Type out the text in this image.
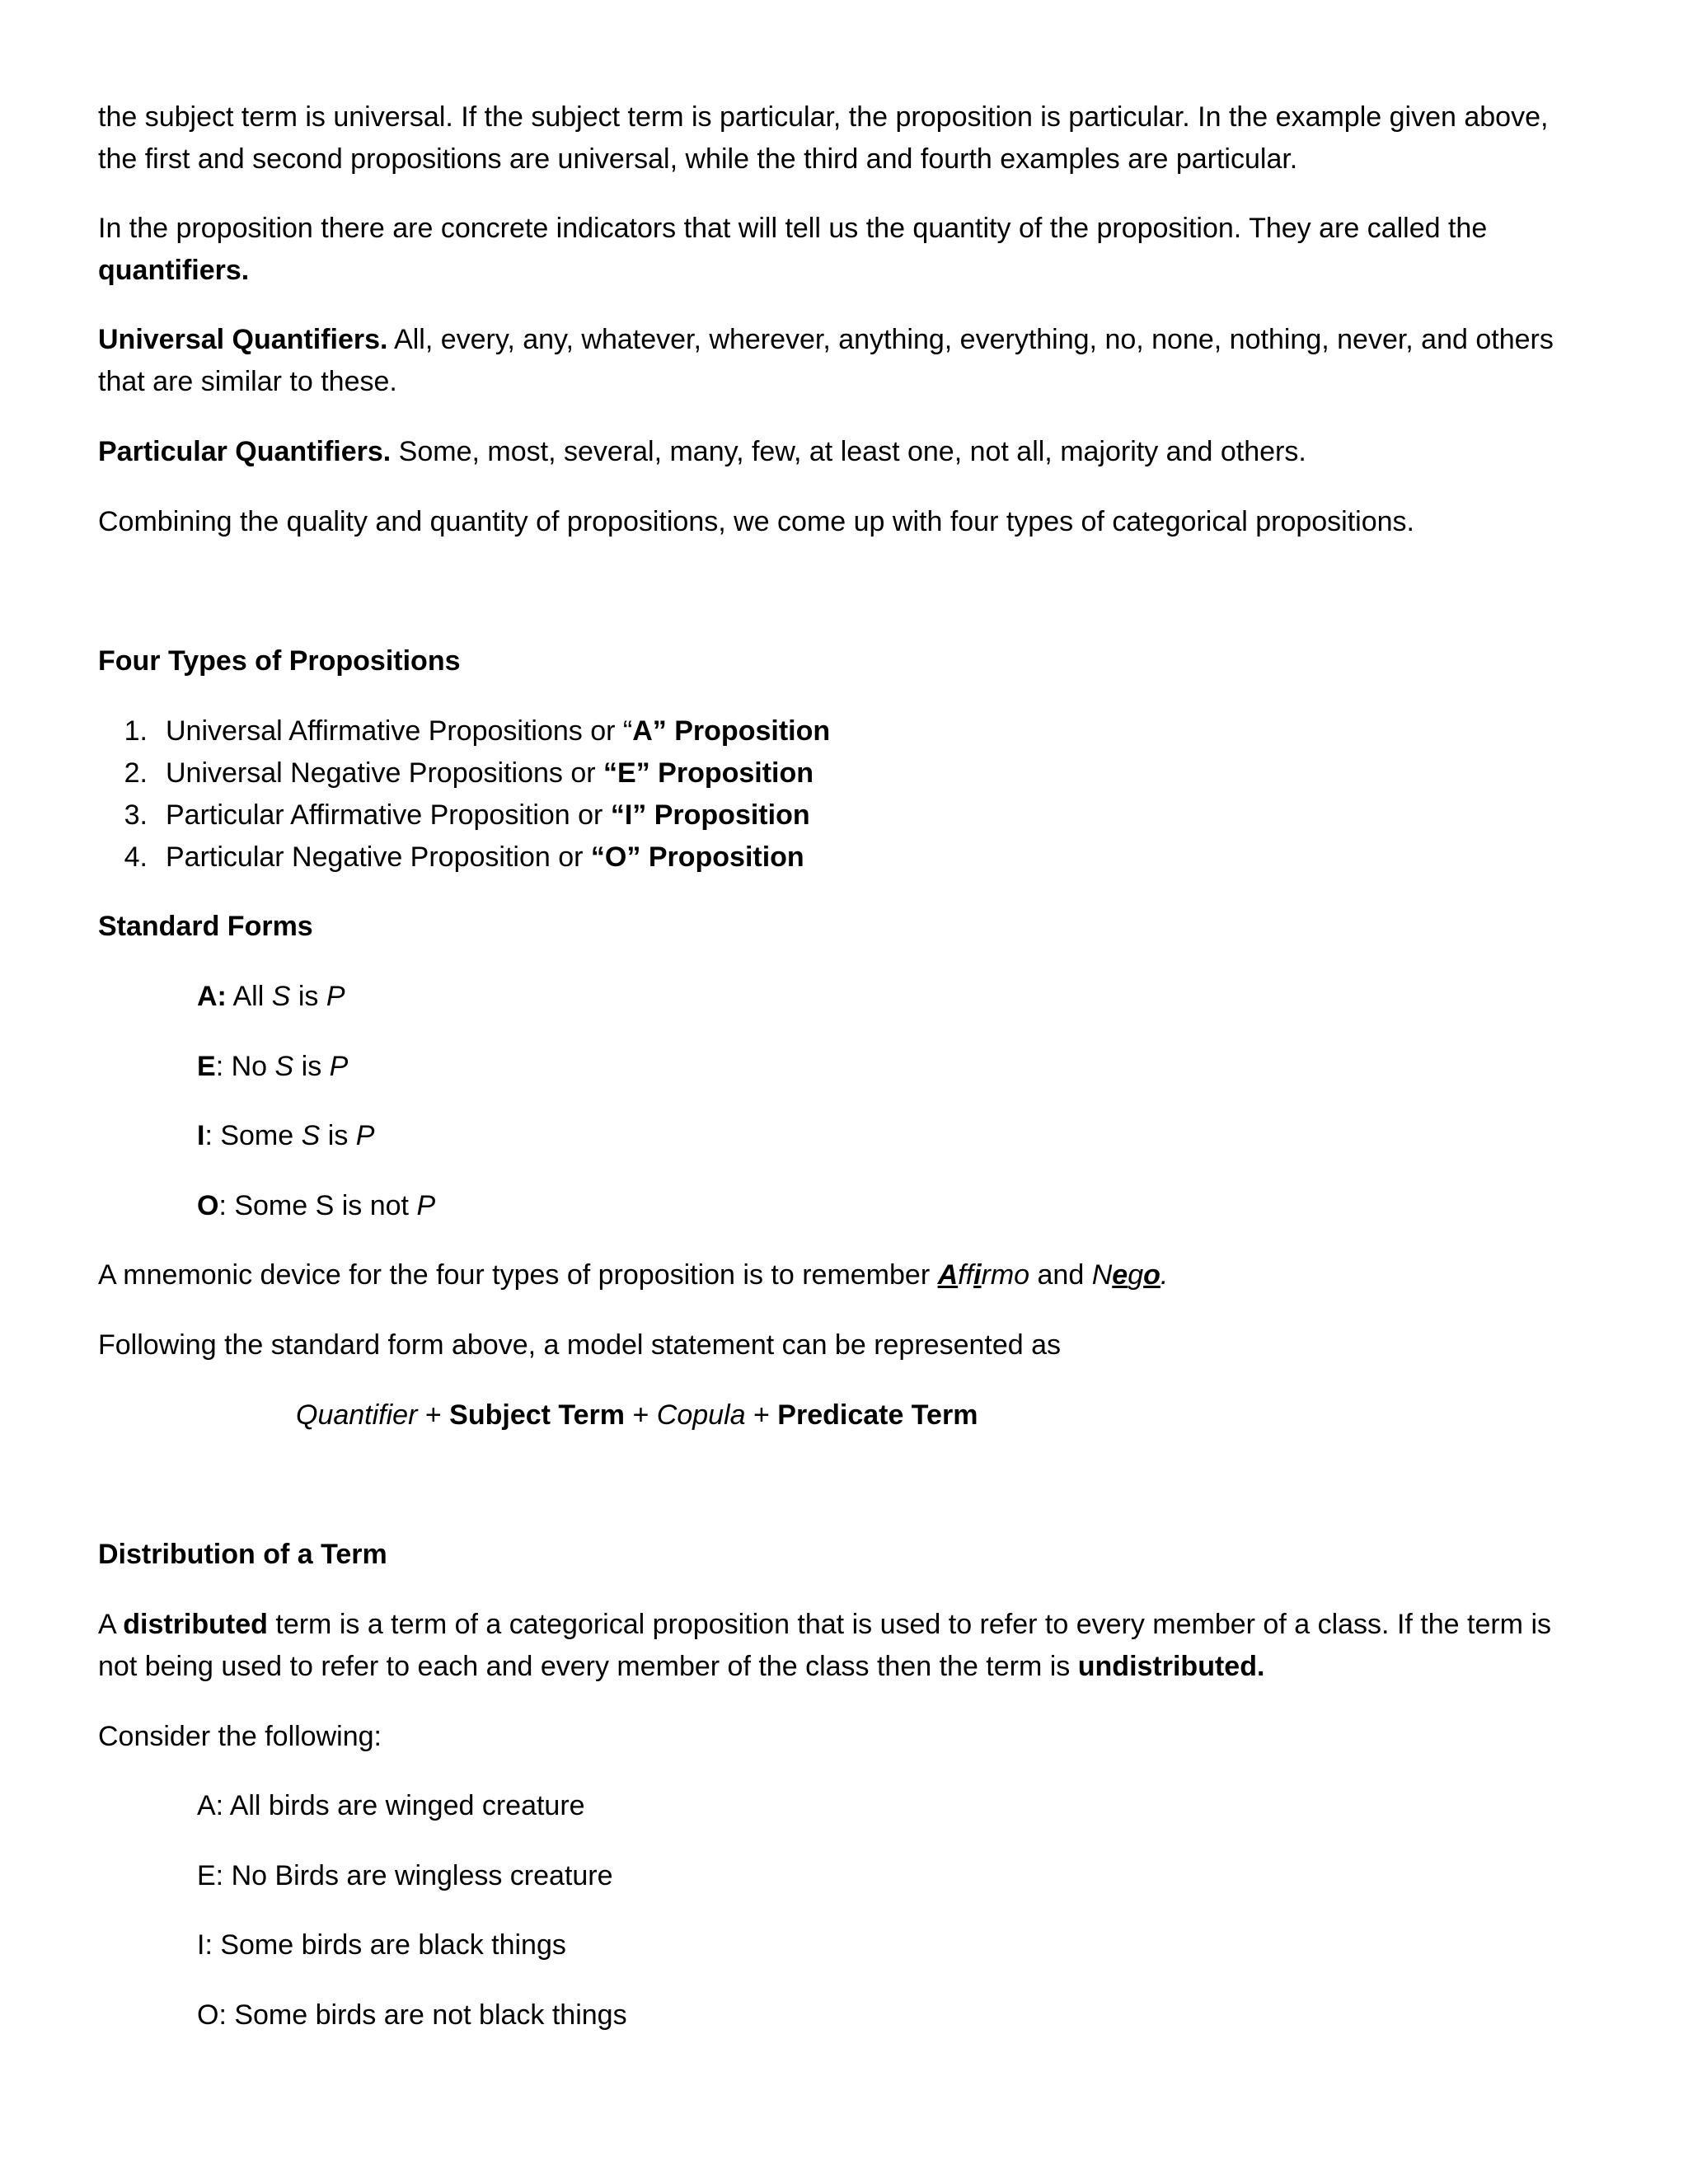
the subject term is universal. If the subject term is particular, the proposition is particular. In the example given above,
the first and second propositions are universal, while the third and fourth examples are particular.
In the proposition there are concrete indicators that will tell us the quantity of the proposition. They are called the
quantifiers.
Universal Quantifiers. All, every, any, whatever, wherever, anything, everything, no, none, nothing, never, and others
that are similar to these.
Particular Quantifiers. Some, most, several, many, few, at least one, not all, majority and others.
Combining the quality and quantity of propositions, we come up with four types of categorical propositions.
Four Types of Propositions
1. Universal Affirmative Propositions or “A” Proposition
2. Universal Negative Propositions or “E” Proposition
3. Particular Affirmative Proposition or “I” Proposition
4. Particular Negative Proposition or “O” Proposition
Standard Forms
A: All S is P
E: No S is P
I: Some S is P
O: Some S is not P
A mnemonic device for the four types of proposition is to remember Affirmo and Nego.
Following the standard form above, a model statement can be represented as
Quantifier + Subject Term + Copula + Predicate Term
Distribution of a Term
A distributed term is a term of a categorical proposition that is used to refer to every member of a class. If the term is
not being used to refer to each and every member of the class then the term is undistributed.
Consider the following:
A: All birds are winged creature
E: No Birds are wingless creature
I: Some birds are black things
O: Some birds are not black things
